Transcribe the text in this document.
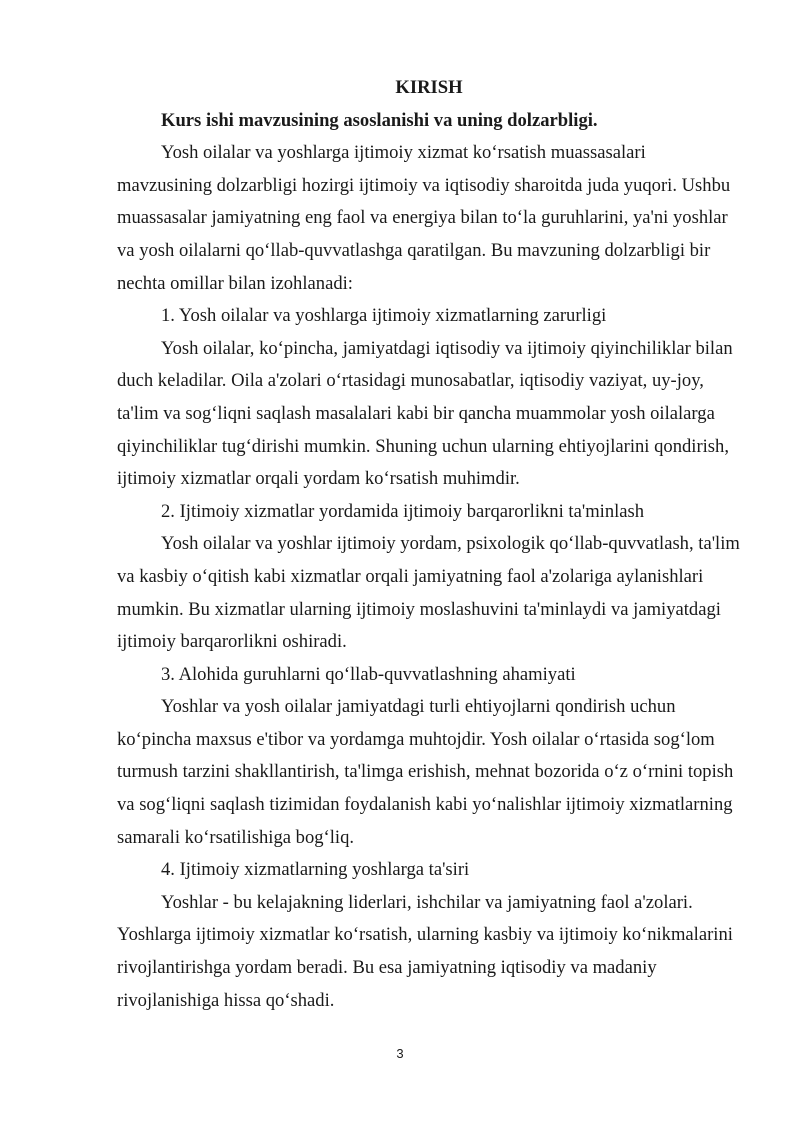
KIRISH

Kurs ishi mavzusining asoslanishi va uning dolzarbligi.

Yosh oilalar va yoshlarga ijtimoiy xizmat ko‘rsatish muassasalari mavzusining dolzarbligi hozirgi ijtimoiy va iqtisodiy sharoitda juda yuqori. Ushbu muassasalar jamiyatning eng faol va energiya bilan to‘la guruhlarini, ya'ni yoshlar va yosh oilalarni qo‘llab-quvvatlashga qaratilgan. Bu mavzuning dolzarbligi bir nechta omillar bilan izohlanadi:

1. Yosh oilalar va yoshlarga ijtimoiy xizmatlarning zarurligi

Yosh oilalar, ko‘pincha, jamiyatdagi iqtisodiy va ijtimoiy qiyinchiliklar bilan duch keladilar. Oila a'zolari o‘rtasidagi munosabatlar, iqtisodiy vaziyat, uy-joy, ta'lim va sog‘liqni saqlash masalalari kabi bir qancha muammolar yosh oilalarga qiyinchiliklar tug‘dirishi mumkin. Shuning uchun ularning ehtiyojlarini qondirish, ijtimoiy xizmatlar orqali yordam ko‘rsatish muhimdir.

2. Ijtimoiy xizmatlar yordamida ijtimoiy barqarorlikni ta'minlash

Yosh oilalar va yoshlar ijtimoiy yordam, psixologik qo‘llab-quvvatlash, ta'lim va kasbiy o‘qitish kabi xizmatlar orqali jamiyatning faol a'zolariga aylanishlari mumkin. Bu xizmatlar ularning ijtimoiy moslashuvini ta'minlaydi va jamiyatdagi ijtimoiy barqarorlikni oshiradi.

3. Alohida guruhlarni qo‘llab-quvvatlashning ahamiyati

Yoshlar va yosh oilalar jamiyatdagi turli ehtiyojlarni qondirish uchun ko‘pincha maxsus e'tibor va yordamga muhtojdir. Yosh oilalar o‘rtasida sog‘lom turmush tarzini shakllantirish, ta'limga erishish, mehnat bozorida o‘z o‘rnini topish va sog‘liqni saqlash tizimidan foydalanish kabi yo‘nalishlar ijtimoiy xizmatlarning samarali ko‘rsatilishiga bog‘liq.

4. Ijtimoiy xizmatlarning yoshlarga ta'siri

Yoshlar - bu kelajakning liderlari, ishchilar va jamiyatning faol a'zolari. Yoshlarga ijtimoiy xizmatlar ko‘rsatish, ularning kasbiy va ijtimoiy ko‘nikmalarini rivojlantirishga yordam beradi. Bu esa jamiyatning iqtisodiy va madaniy rivojlanishiga hissa qo‘shadi.

3
